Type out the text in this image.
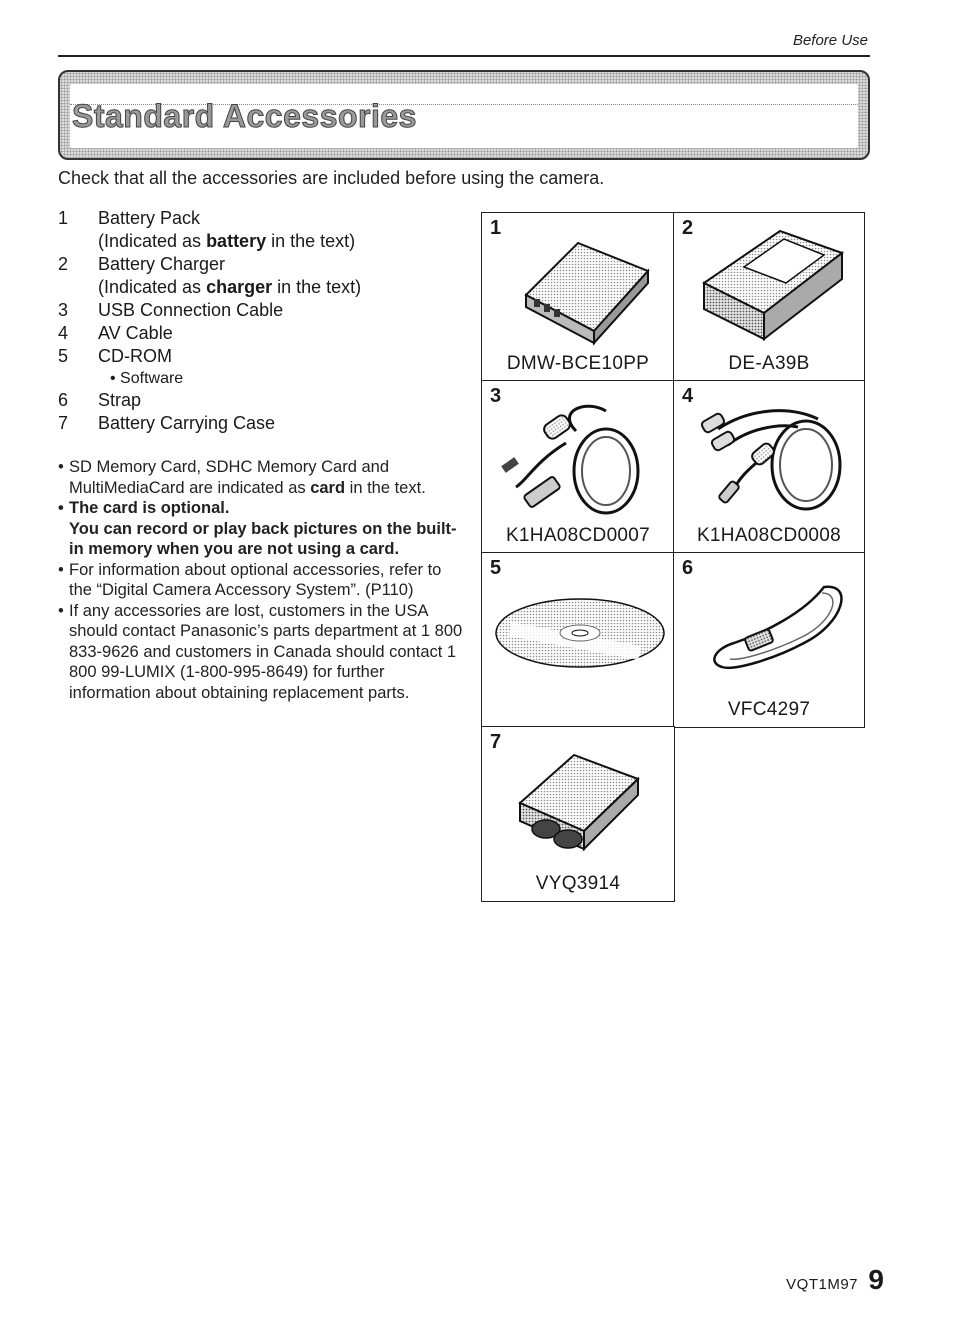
Before Use
Standard Accessories

Check that all the accessories are included before using the camera.

1	Battery Pack
(Indicated as battery in the text)
2	Battery Charger
(Indicated as charger in the text)
3	USB Connection Cable
4	AV Cable
5	CD-ROM
• Software
6	Strap
7	Battery Carrying Case

• SD Memory Card, SDHC Memory Card and MultiMediaCard are indicated as card in the text.

• The card is optional.
You can record or play back pictures on the built-in memory when you are not using a card.

• For information about optional accessories, refer to the “Digital Camera Accessory System”. (P110)

• If any accessories are lost, customers in the USA should contact Panasonic’s parts department at 1 800 833-9626 and customers in Canada should contact 1 800 99-LUMIX (1-800-995-8649) for further information about obtaining replacement parts.

1
DMW-BCE10PP
2
DE-A39B
3
K1HA08CD0007
4
K1HA08CD0008
5	6
VFC4297
7
VYQ3914
VQT1M97 9
